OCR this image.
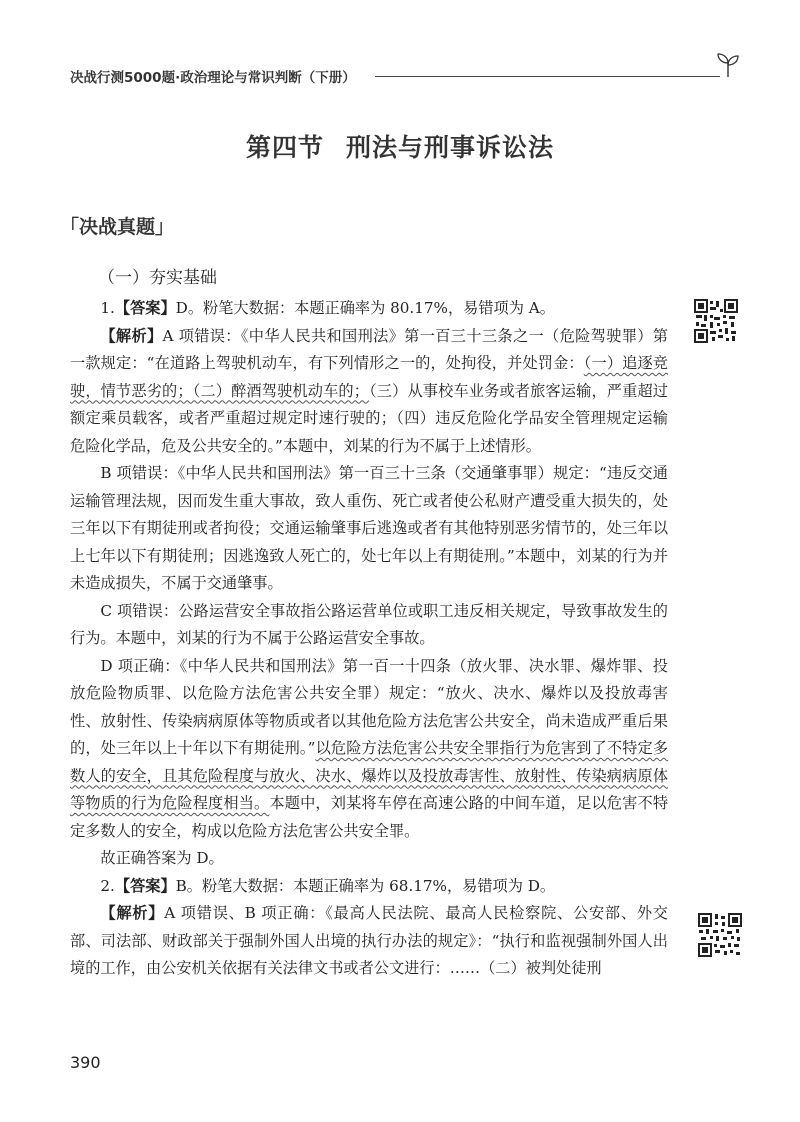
决战行测5000题·政治理论与常识判断（下册）
第四节 刑法与刑事诉讼法
「决战真题」
（一）夯实基础

1.【答案】D。粉笔大数据：本题正确率为 80.17%，易错项为 A。

【解析】A 项错误：《中华人民共和国刑法》第一百三十三条之一（危险驾驶罪）第一款规定：“在道路上驾驶机动车，有下列情形之一的，处拘役，并处罚金：（一）追逐竞驶，情节恶劣的；（二）醉酒驾驶机动车的；（三）从事校车业务或者旅客运输，严重超过额定乘员载客，或者严重超过规定时速行驶的；（四）违反危险化学品安全管理规定运输危险化学品，危及公共安全的。”本题中，刘某的行为不属于上述情形。

B 项错误：《中华人民共和国刑法》第一百三十三条（交通肇事罪）规定：“违反交通运输管理法规，因而发生重大事故，致人重伤、死亡或者使公私财产遭受重大损失的，处三年以下有期徒刑或者拘役；交通运输肇事后逃逸或者有其他特别恶劣情节的，处三年以上七年以下有期徒刑；因逃逸致人死亡的，处七年以上有期徒刑。”本题中，刘某的行为并未造成损失，不属于交通肇事。

C 项错误：公路运营安全事故指公路运营单位或职工违反相关规定，导致事故发生的行为。本题中，刘某的行为不属于公路运营安全事故。

D 项正确：《中华人民共和国刑法》第一百一十四条（放火罪、决水罪、爆炸罪、投放危险物质罪、以危险方法危害公共安全罪）规定：“放火、决水、爆炸以及投放毒害性、放射性、传染病病原体等物质或者以其他危险方法危害公共安全，尚未造成严重后果的，处三年以上十年以下有期徒刑。”以危险方法危害公共安全罪指行为危害到了不特定多数人的安全，且其危险程度与放火、决水、爆炸以及投放毒害性、放射性、传染病病原体等物质的行为危险程度相当。本题中，刘某将车停在高速公路的中间车道，足以危害不特定多数人的安全，构成以危险方法危害公共安全罪。

故正确答案为 D。

2.【答案】B。粉笔大数据：本题正确率为 68.17%，易错项为 D。

【解析】A 项错误、B 项正确：《最高人民法院、最高人民检察院、公安部、外交部、司法部、财政部关于强制外国人出境的执行办法的规定》：“执行和监视强制外国人出境的工作，由公安机关依据有关法律文书或者公文进行：……（二）被判处徒刑

390
